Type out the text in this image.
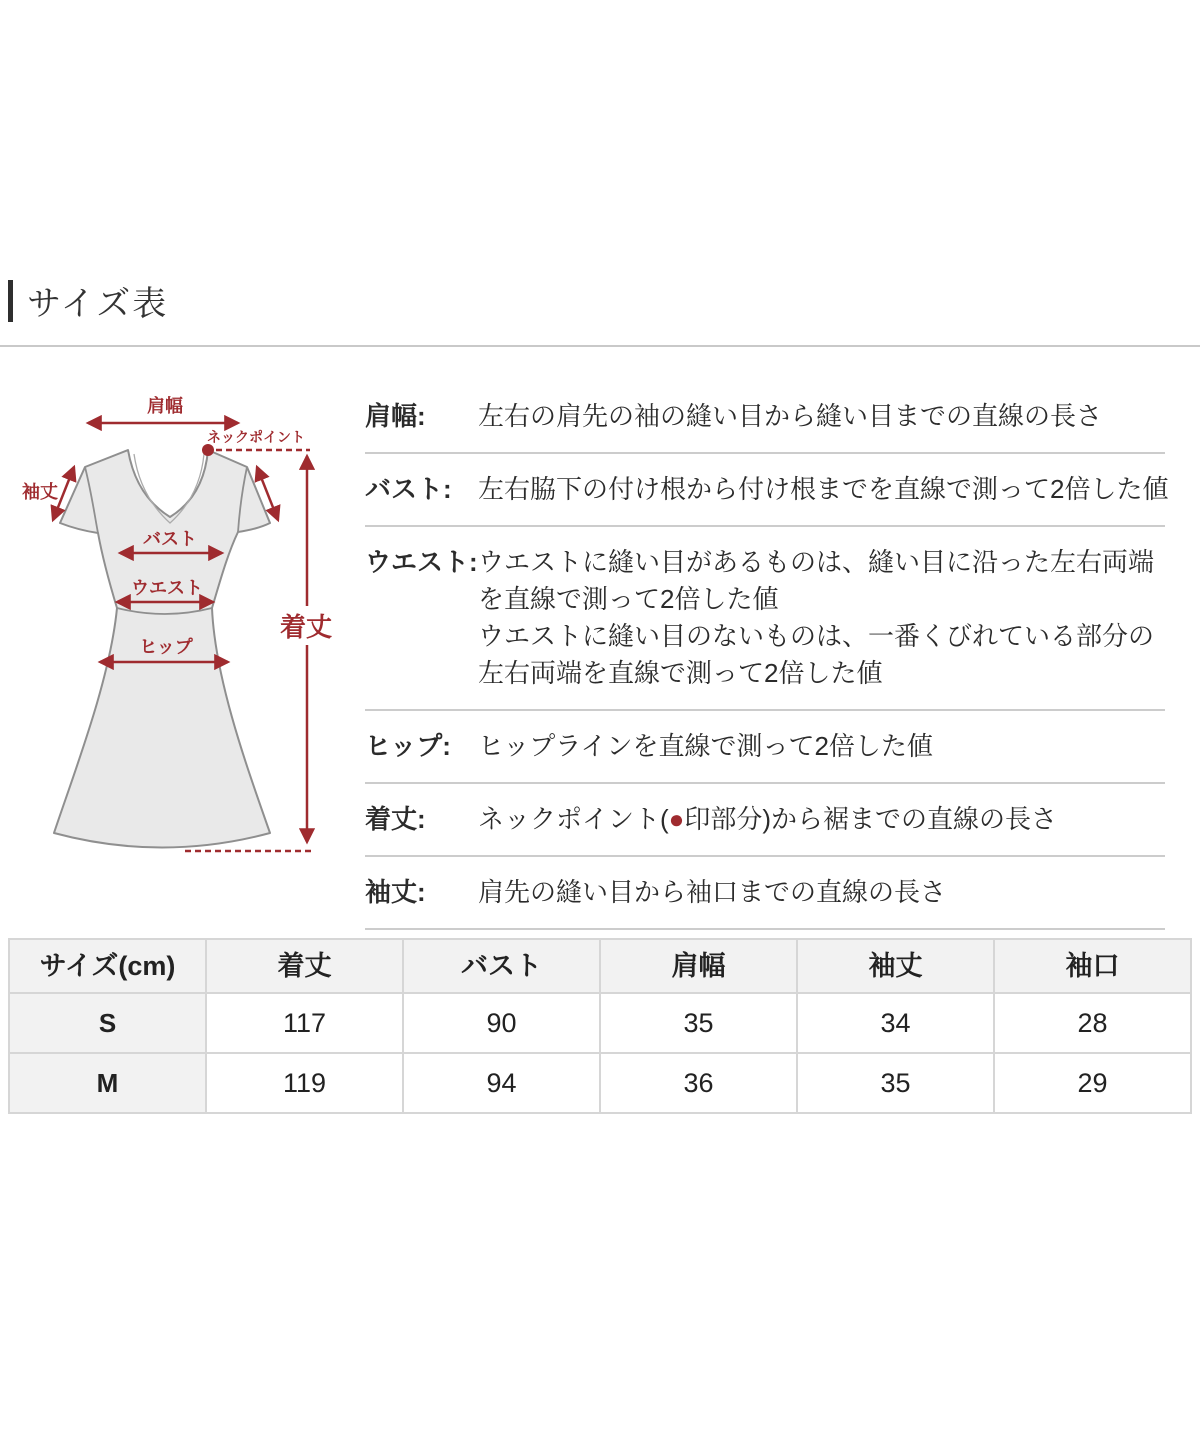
サイズ表
肩幅
ネックポイント
袖丈
バスト
ウエスト
ヒップ
着丈
肩幅:	左右の肩先の袖の縫い目から縫い目までの直線の長さ
バスト:	左右脇下の付け根から付け根までを直線で測って2倍した値
ウエスト: ウエストに縫い目があるものは、縫い目に沿った左右両端
を直線で測って2倍した値
ウエストに縫い目のないものは、一番くびれている部分の
左右両端を直線で測って2倍した値
ヒップ:	ヒップラインを直線で測って2倍した値
着丈:	ネックポイント(●印部分)から裾までの直線の長さ
袖丈:	肩先の縫い目から袖口までの直線の長さ
サイズ(cm)	着丈	バスト	肩幅	袖丈	袖口
S	117	90	35	34	28
M	119	94	36	35	29
